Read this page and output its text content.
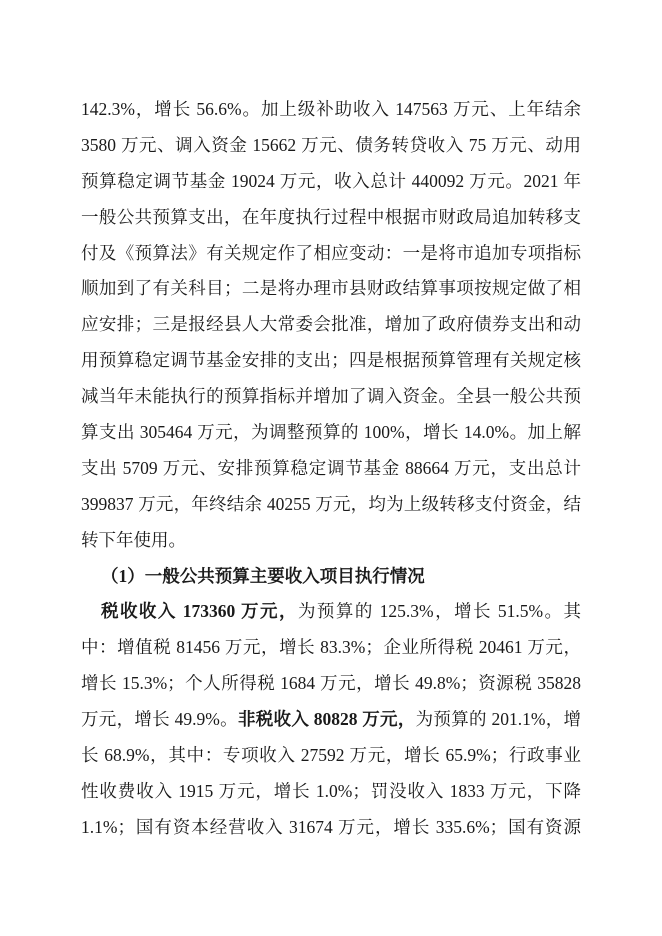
142.3%，增长 56.6%。加上级补助收入 147563 万元、上年结余
3580 万元、调入资金 15662 万元、债务转贷收入 75 万元、动用
预算稳定调节基金 19024 万元，收入总计 440092 万元。2021 年
一般公共预算支出，在年度执行过程中根据市财政局追加转移支
付及《预算法》有关规定作了相应变动：一是将市追加专项指标
顺加到了有关科目；二是将办理市县财政结算事项按规定做了相
应安排；三是报经县人大常委会批准，增加了政府债券支出和动
用预算稳定调节基金安排的支出；四是根据预算管理有关规定核
减当年未能执行的预算指标并增加了调入资金。全县一般公共预
算支出 305464 万元，为调整预算的 100%，增长 14.0%。加上解
支出 5709 万元、安排预算稳定调节基金 88664 万元，支出总计
399837 万元，年终结余 40255 万元，均为上级转移支付资金，结
转下年使用。
（1）一般公共预算主要收入项目执行情况
税收收入 173360 万元，为预算的 125.3%，增长 51.5%。其
中：增值税 81456 万元，增长 83.3%；企业所得税 20461 万元，
增长 15.3%；个人所得税 1684 万元，增长 49.8%；资源税 35828
万元，增长 49.9%。非税收入 80828 万元，为预算的 201.1%，增
长 68.9%，其中：专项收入 27592 万元，增长 65.9%；行政事业
性收费收入 1915 万元，增长 1.0%；罚没收入 1833 万元，下降
1.1%；国有资本经营收入 31674 万元，增长 335.6%；国有资源
